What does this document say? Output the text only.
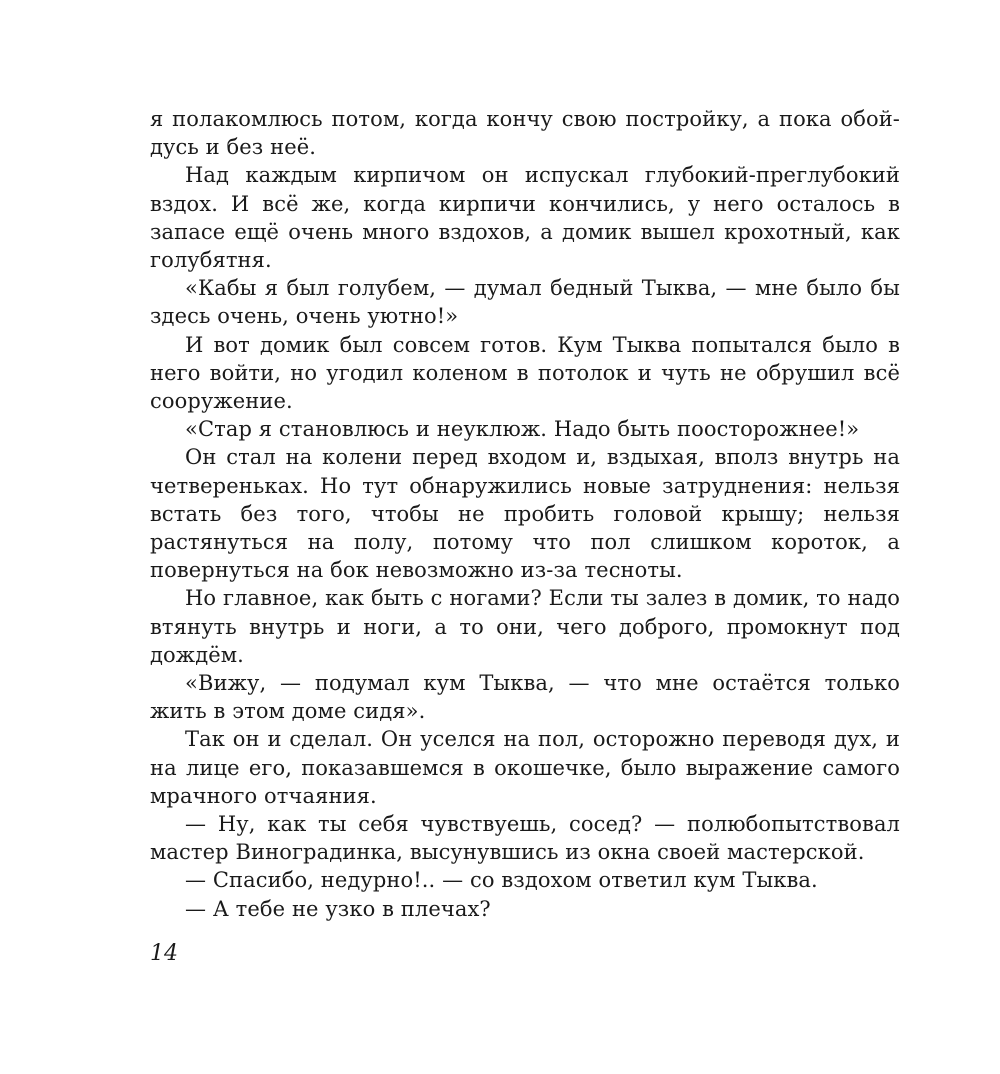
я полакомлюсь потом, когда кончу свою постройку, а пока обой-дусь и без неё.

Над каждым кирпичом он испускал глубокий-преглубокий вздох. И всё же, когда кирпичи кончились, у него осталось в запасе ещё очень много вздохов, а домик вышел крохотный, как голубятня.

«Кабы я был голубем, — думал бедный Тыква, — мне было бы здесь очень, очень уютно!»

И вот домик был совсем готов. Кум Тыква попытался было в него войти, но угодил коленом в потолок и чуть не обрушил всё сооружение.

«Стар я становлюсь и неуклюж. Надо быть поосторожнее!»

Он стал на колени перед входом и, вздыхая, вполз внутрь на четвереньках. Но тут обнаружились новые затруднения: нельзя встать без того, чтобы не пробить головой крышу; нельзя растянуться на полу, потому что пол слишком короток, а повернуться на бок невозможно из-за тесноты.

Но главное, как быть с ногами? Если ты залез в домик, то надо втянуть внутрь и ноги, а то они, чего доброго, промокнут под дождём.

«Вижу, — подумал кум Тыква, — что мне остаётся только жить в этом доме сидя».

Так он и сделал. Он уселся на пол, осторожно переводя дух, и на лице его, показавшемся в окошечке, было выражение самого мрачного отчаяния.

— Ну, как ты себя чувствуешь, сосед? — полюбопытствовал мастер Виноградинка, высунувшись из окна своей мастерской.

— Спасибо, недурно!.. — со вздохом ответил кум Тыква.

— А тебе не узко в плечах?

14
